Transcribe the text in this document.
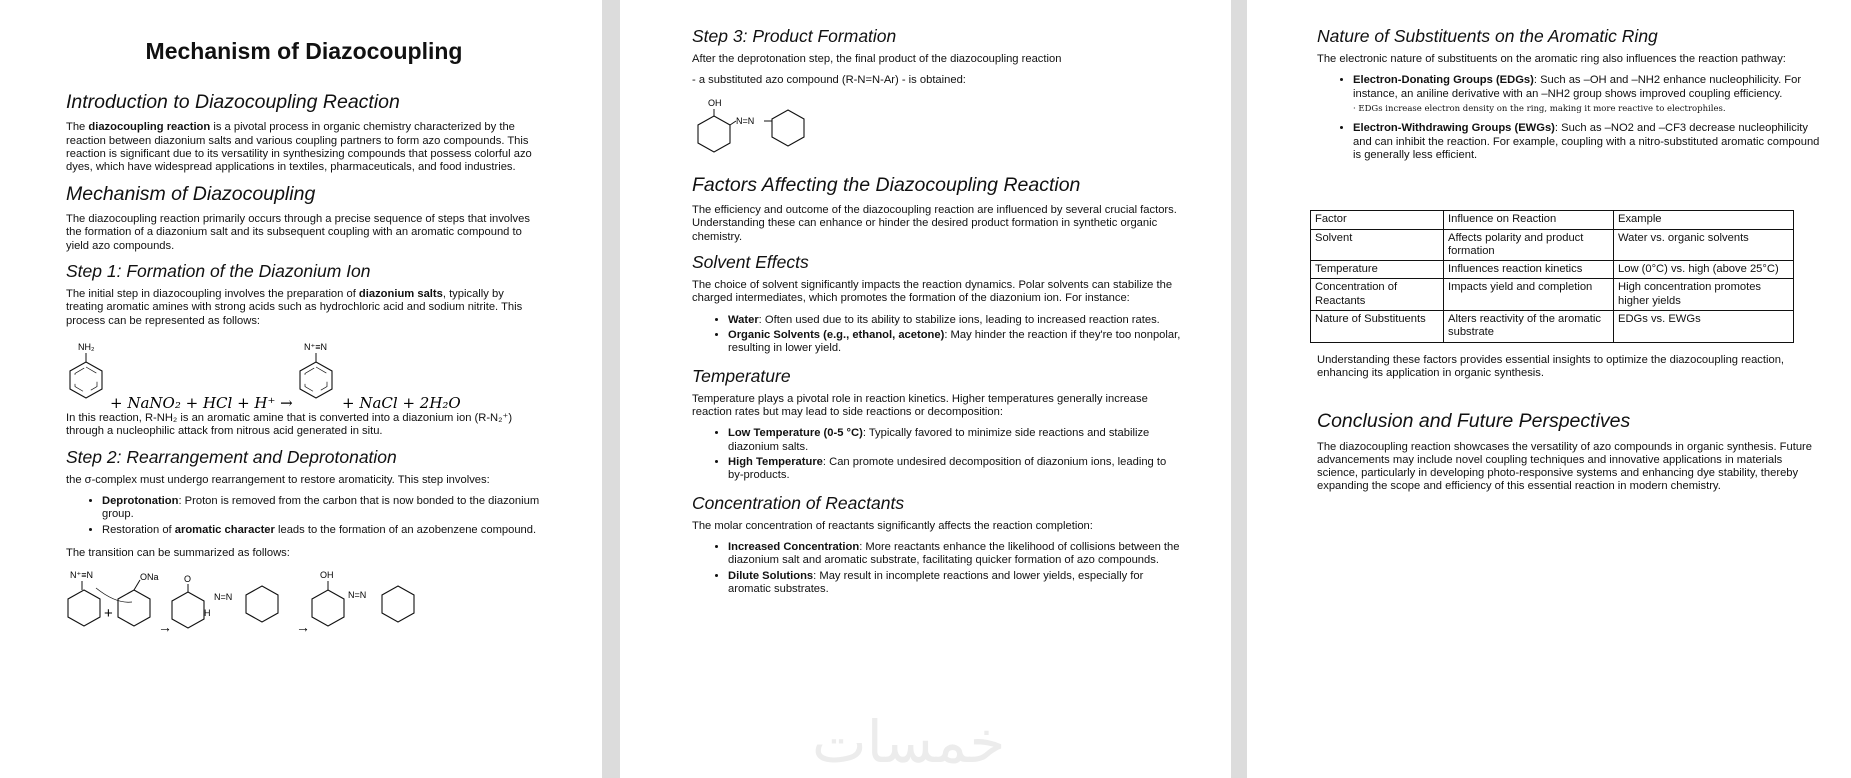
Mechanism of Diazocoupling
Introduction to Diazocoupling Reaction

The diazocoupling reaction is a pivotal process in organic chemistry characterized by the reaction between diazonium salts and various coupling partners to form azo compounds. This reaction is significant due to its versatility in synthesizing compounds that possess colorful azo dyes, which have widespread applications in textiles, pharmaceuticals, and food industries.

Mechanism of Diazocoupling

The diazocoupling reaction primarily occurs through a precise sequence of steps that involves the formation of a diazonium salt and its subsequent coupling with an aromatic compound to yield azo compounds.

Step 1: Formation of the Diazonium Ion

The initial step in diazocoupling involves the preparation of diazonium salts, typically by treating aromatic amines with strong acids such as hydrochloric acid and sodium nitrite. This process can be represented as follows:

NH₂
+ NaNO₂ + HCl + H⁺ →
N⁺≡N
+ NaCl + 2H₂O

In this reaction, R-NH₂ is an aromatic amine that is converted into a diazonium ion (R-N₂⁺) through a nucleophilic attack from nitrous acid generated in situ.

Step 2: Rearrangement and Deprotonation

the σ-complex must undergo rearrangement to restore aromaticity. This step involves:

• Deprotonation: Proton is removed from the carbon that is now bonded to the diazonium group.
• Restoration of aromatic character leads to the formation of an azobenzene compound.

The transition can be summarized as follows:

N⁺≡N
+
ONa
→
O
H
N=N
→
OH
N=N
Step 3: Product Formation

After the deprotonation step, the final product of the diazocoupling reaction

- a substituted azo compound (R-N=N-Ar) - is obtained:

OH
N=N
Factors Affecting the Diazocoupling Reaction

The efficiency and outcome of the diazocoupling reaction are influenced by several crucial factors. Understanding these can enhance or hinder the desired product formation in synthetic organic chemistry.

Solvent Effects

The choice of solvent significantly impacts the reaction dynamics. Polar solvents can stabilize the charged intermediates, which promotes the formation of the diazonium ion. For instance:

• Water: Often used due to its ability to stabilize ions, leading to increased reaction rates.
• Organic Solvents (e.g., ethanol, acetone): May hinder the reaction if they're too nonpolar, resulting in lower yield.
Temperature

Temperature plays a pivotal role in reaction kinetics. Higher temperatures generally increase reaction rates but may lead to side reactions or decomposition:

• Low Temperature (0-5 °C): Typically favored to minimize side reactions and stabilize diazonium salts.
• High Temperature: Can promote undesired decomposition of diazonium ions, leading to by-products.
Concentration of Reactants

The molar concentration of reactants significantly affects the reaction completion:

• Increased Concentration: More reactants enhance the likelihood of collisions between the diazonium salt and aromatic substrate, facilitating quicker formation of azo compounds.
• Dilute Solutions: May result in incomplete reactions and lower yields, especially for aromatic substrates.
Nature of Substituents on the Aromatic Ring

The electronic nature of substituents on the aromatic ring also influences the reaction pathway:

• Electron-Donating Groups (EDGs): Such as –OH and –NH2 enhance nucleophilicity. For instance, an aniline derivative with an –NH2 group shows improved coupling efficiency.
· EDGs increase electron density on the ring, making it more reactive to electrophiles.
• Electron-Withdrawing Groups (EWGs): Such as –NO2 and –CF3 decrease nucleophilicity and can inhibit the reaction. For example, coupling with a nitro-substituted aromatic compound is generally less efficient.
Factor	Influence on Reaction	Example
Solvent	Affects polarity and product formation	Water vs. organic solvents
Temperature	Influences reaction kinetics	Low (0°C) vs. high (above 25°C)
Concentration of Reactants	Impacts yield and completion	High concentration promotes higher yields
Nature of Substituents	Alters reactivity of the aromatic substrate	EDGs vs. EWGs

Understanding these factors provides essential insights to optimize the diazocoupling reaction, enhancing its application in organic synthesis.

Conclusion and Future Perspectives

The diazocoupling reaction showcases the versatility of azo compounds in organic synthesis. Future advancements may include novel coupling techniques and innovative applications in materials science, particularly in developing photo-responsive systems and enhancing dye stability, thereby expanding the scope and efficiency of this essential reaction in modern chemistry.

خمسات
